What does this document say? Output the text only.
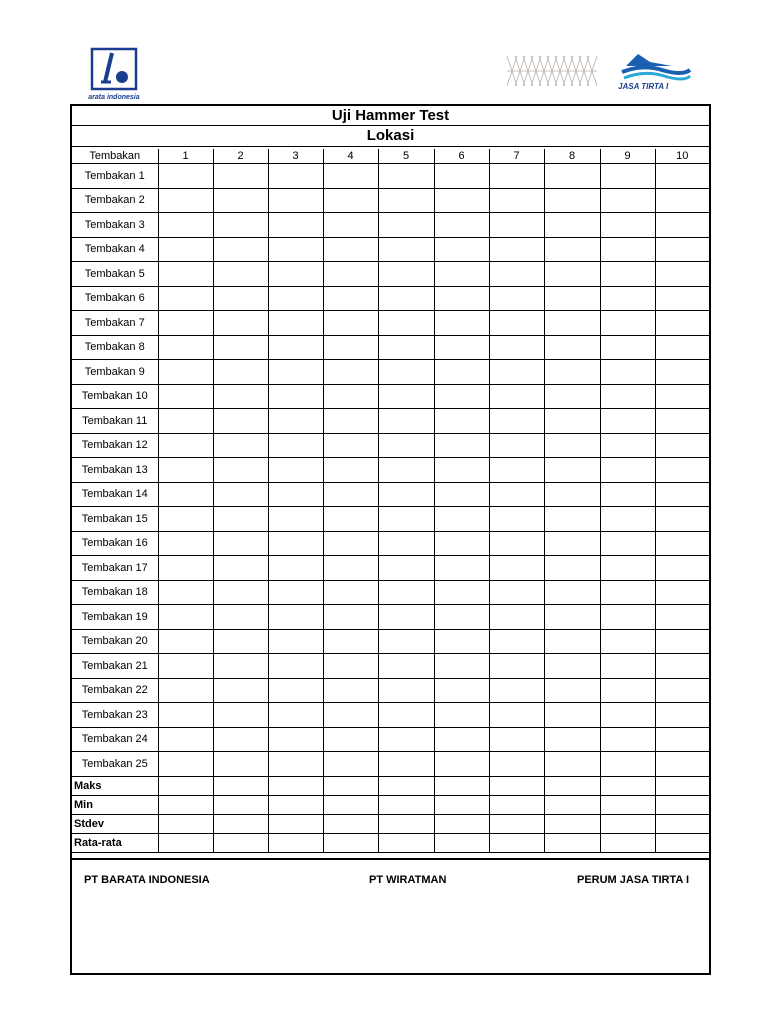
barata indonesia
JASA TIRTA I
Uji Hammer Test
Lokasi
Tembakan	1	2	3	4	5	6	7	8	9	10
Tembakan 1										
Tembakan 2										
Tembakan 3										
Tembakan 4										
Tembakan 5										
Tembakan 6										
Tembakan 7										
Tembakan 8										
Tembakan 9										
Tembakan 10										
Tembakan 11										
Tembakan 12										
Tembakan 13										
Tembakan 14										
Tembakan 15										
Tembakan 16										
Tembakan 17										
Tembakan 18										
Tembakan 19										
Tembakan 20										
Tembakan 21										
Tembakan 22										
Tembakan 23										
Tembakan 24										
Tembakan 25										
Maks										
Min										
Stdev										
Rata-rata										
PT BARATA INDONESIA	PT WIRATMAN	PERUM JASA TIRTA I
